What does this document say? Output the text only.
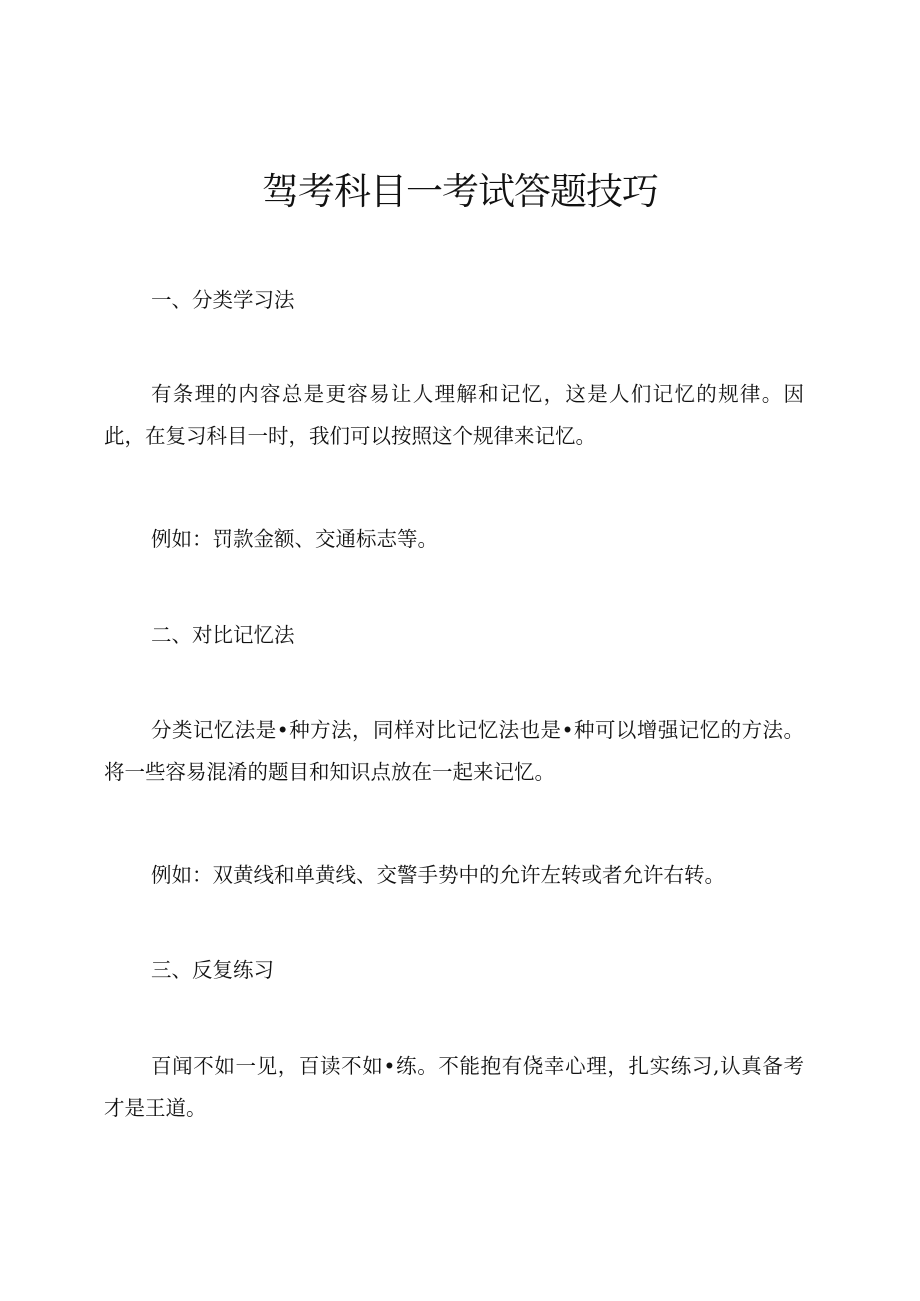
驾考科目一考试答题技巧
一、分类学习法

有条理的内容总是更容易让人理解和记忆，这是人们记忆的规律。因此，在复习科目一时，我们可以按照这个规律来记忆。

例如：罚款金额、交通标志等。

二、对比记忆法

分类记忆法是•种方法，同样对比记忆法也是•种可以增强记忆的方法。将一些容易混淆的题目和知识点放在一起来记忆。

例如：双黄线和单黄线、交警手势中的允许左转或者允许右转。

三、反复练习

百闻不如一见，百读不如•练。不能抱有侥幸心理，扎实练习,认真备考才是王道。
